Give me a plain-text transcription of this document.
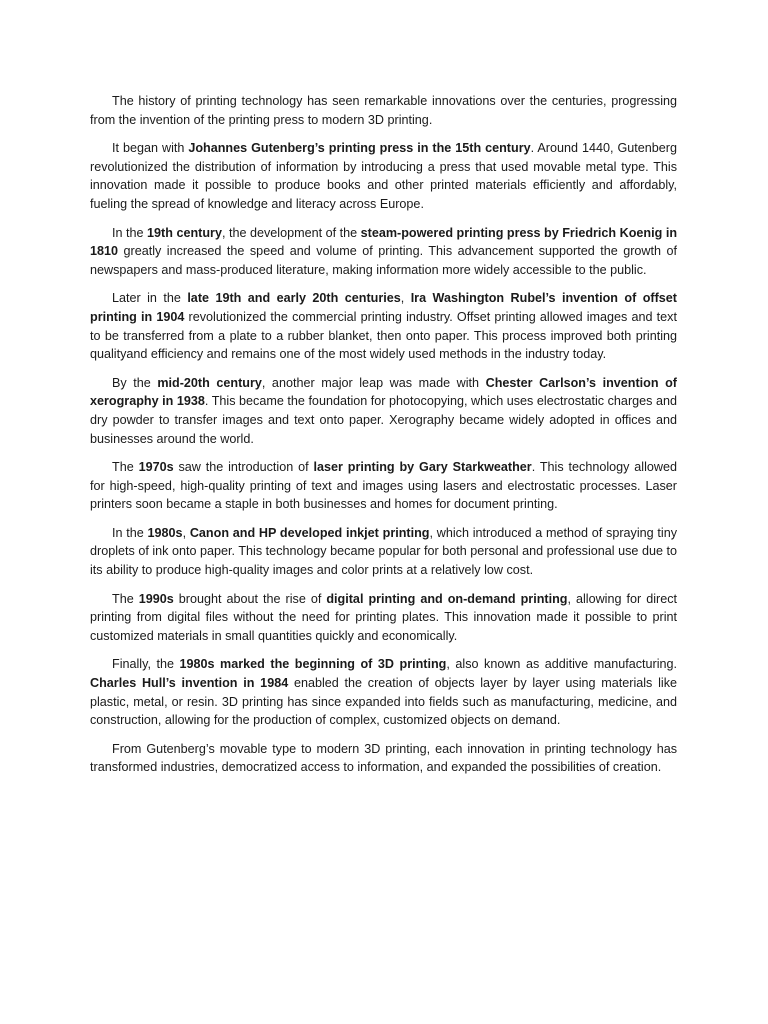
The history of printing technology has seen remarkable innovations over the centuries, progressing from the invention of the printing press to modern 3D printing.

It began with Johannes Gutenberg’s printing press in the 15th century. Around 1440, Gutenberg revolutionized the distribution of information by introducing a press that used movable metal type. This innovation made it possible to produce books and other printed materials efficiently and affordably, fueling the spread of knowledge and literacy across Europe.

In the 19th century, the development of the steam-powered printing press by Friedrich Koenig in 1810 greatly increased the speed and volume of printing. This advancement supported the growth of newspapers and mass-produced literature, making information more widely accessible to the public.

Later in the late 19th and early 20th centuries, Ira Washington Rubel’s invention of offset printing in 1904 revolutionized the commercial printing industry. Offset printing allowed images and text to be transferred from a plate to a rubber blanket, then onto paper. This process improved both printing qualityand efficiency and remains one of the most widely used methods in the industry today.

By the mid-20th century, another major leap was made with Chester Carlson’s invention of xerography in 1938. This became the foundation for photocopying, which uses electrostatic charges and dry powder to transfer images and text onto paper. Xerography became widely adopted in offices and businesses around the world.

The 1970s saw the introduction of laser printing by Gary Starkweather. This technology allowed for high-speed, high-quality printing of text and images using lasers and electrostatic processes. Laser printers soon became a staple in both businesses and homes for document printing.

In the 1980s, Canon and HP developed inkjet printing, which introduced a method of spraying tiny droplets of ink onto paper. This technology became popular for both personal and professional use due to its ability to produce high-quality images and color prints at a relatively low cost.

The 1990s brought about the rise of digital printing and on-demand printing, allowing for direct printing from digital files without the need for printing plates. This innovation made it possible to print customized materials in small quantities quickly and economically.

Finally, the 1980s marked the beginning of 3D printing, also known as additive manufacturing. Charles Hull’s invention in 1984 enabled the creation of objects layer by layer using materials like plastic, metal, or resin. 3D printing has since expanded into fields such as manufacturing, medicine, and construction, allowing for the production of complex, customized objects on demand.

From Gutenberg’s movable type to modern 3D printing, each innovation in printing technology has transformed industries, democratized access to information, and expanded the possibilities of creation.
